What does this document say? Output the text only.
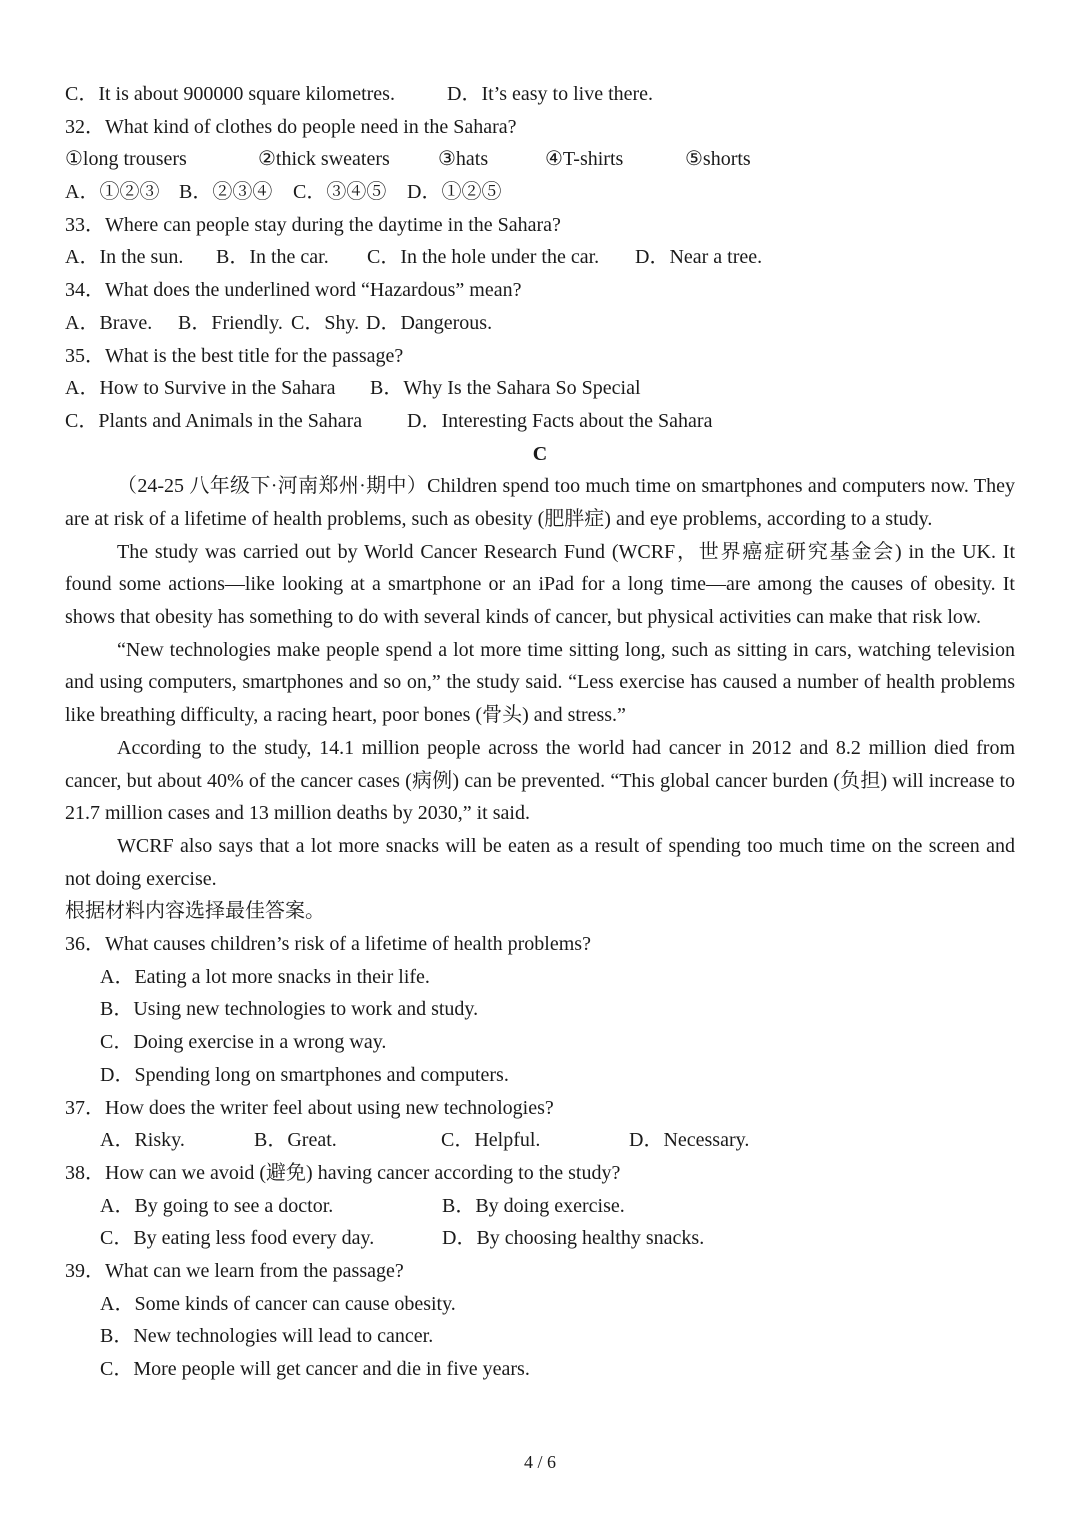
C．It is about 900000 square kilometres.	D．It’s easy to live there.
32．What kind of clothes do people need in the Sahara?
①long trousers	②thick sweaters ③hats	④T-shirts	⑤shorts
A．①②③ B．②③④ C．③④⑤ D．①②⑤
33．Where can people stay during the daytime in the Sahara?
A．In the sun. B．In the car. C．In the hole under the car. D．Near a tree.
34．What does the underlined word “Hazardous” mean?
A．Brave. B．Friendly. C．Shy. D．Dangerous.
35．What is the best title for the passage?
A．How to Survive in the Sahara B．Why Is the Sahara So Special
C．Plants and Animals in the Sahara D．Interesting Facts about the Sahara
C

（24-25 八年级下·河南郑州·期中）Children spend too much time on smartphones and computers now. They are at risk of a lifetime of health problems, such as obesity (肥胖症) and eye problems, according to a study.

The study was carried out by World Cancer Research Fund (WCRF，世界癌症研究基金会) in the UK. It found some actions—like looking at a smartphone or an iPad for a long time—are among the causes of obesity. It shows that obesity has something to do with several kinds of cancer, but physical activities can make that risk low.

“New technologies make people spend a lot more time sitting long, such as sitting in cars, watching television and using computers, smartphones and so on,” the study said. “Less exercise has caused a number of health problems like breathing difficulty, a racing heart, poor bones (骨头) and stress.”

According to the study, 14.1 million people across the world had cancer in 2012 and 8.2 million died from cancer, but about 40% of the cancer cases (病例) can be prevented. “This global cancer burden (负担) will increase to 21.7 million cases and 13 million deaths by 2030,” it said.

WCRF also says that a lot more snacks will be eaten as a result of spending too much time on the screen and not doing exercise.

根据材料内容选择最佳答案。
36．What causes children’s risk of a lifetime of health problems?
A．Eating a lot more snacks in their life.
B．Using new technologies to work and study.
C．Doing exercise in a wrong way.
D．Spending long on smartphones and computers.
37．How does the writer feel about using new technologies?
A．Risky.	B．Great.	C．Helpful.	D．Necessary.
38．How can we avoid (避免) having cancer according to the study?
A．By going to see a doctor.	B．By doing exercise.
C．By eating less food every day.	D．By choosing healthy snacks.
39．What can we learn from the passage?
A．Some kinds of cancer can cause obesity.
B．New technologies will lead to cancer.
C．More people will get cancer and die in five years.
4 / 6
